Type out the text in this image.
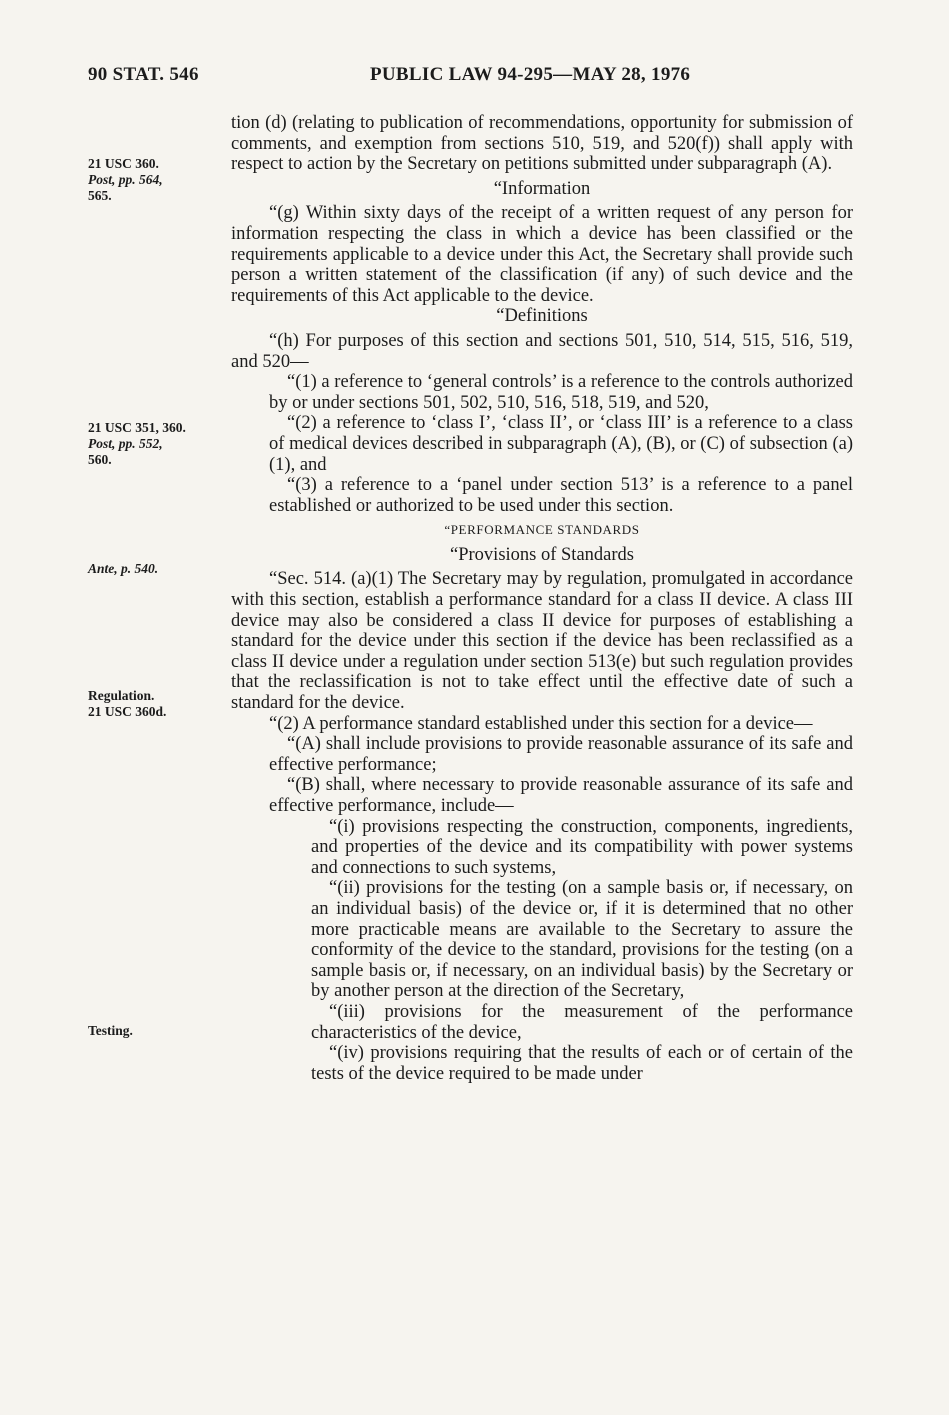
90 STAT. 546	PUBLIC LAW 94-295—MAY 28, 1976
21 USC 360.
Post, pp. 564,
565.
21 USC 351, 360.
Post, pp. 552,
560.
Ante, p. 540.
Regulation.
21 USC 360d.
Testing.

tion (d) (relating to publication of recommendations, opportunity for submission of comments, and exemption from sections 510, 519, and 520(f)) shall apply with respect to action by the Secretary on petitions submitted under subparagraph (A).

“Information

“(g) Within sixty days of the receipt of a written request of any person for information respecting the class in which a device has been classified or the requirements applicable to a device under this Act, the Secretary shall provide such person a written statement of the classification (if any) of such device and the requirements of this Act applicable to the device.

“Definitions

“(h) For purposes of this section and sections 501, 510, 514, 515, 516, 519, and 520—

“(1) a reference to ‘general controls’ is a reference to the controls authorized by or under sections 501, 502, 510, 516, 518, 519, and 520,

“(2) a reference to ‘class I’, ‘class II’, or ‘class III’ is a reference to a class of medical devices described in subparagraph (A), (B), or (C) of subsection (a)(1), and

“(3) a reference to a ‘panel under section 513’ is a reference to a panel established or authorized to be used under this section.

“PERFORMANCE STANDARDS

“Provisions of Standards

“Sec. 514. (a)(1) The Secretary may by regulation, promulgated in accordance with this section, establish a performance standard for a class II device. A class III device may also be considered a class II device for purposes of establishing a standard for the device under this section if the device has been reclassified as a class II device under a regulation under section 513(e) but such regulation provides that the reclassification is not to take effect until the effective date of such a standard for the device.

“(2) A performance standard established under this section for a device—

“(A) shall include provisions to provide reasonable assurance of its safe and effective performance;

“(B) shall, where necessary to provide reasonable assurance of its safe and effective performance, include—

“(i) provisions respecting the construction, components, ingredients, and properties of the device and its compatibility with power systems and connections to such systems,

“(ii) provisions for the testing (on a sample basis or, if necessary, on an individual basis) of the device or, if it is determined that no other more practicable means are available to the Secretary to assure the conformity of the device to the standard, provisions for the testing (on a sample basis or, if necessary, on an individual basis) by the Secretary or by another person at the direction of the Secretary,

“(iii) provisions for the measurement of the performance characteristics of the device,

“(iv) provisions requiring that the results of each or of certain of the tests of the device required to be made under
